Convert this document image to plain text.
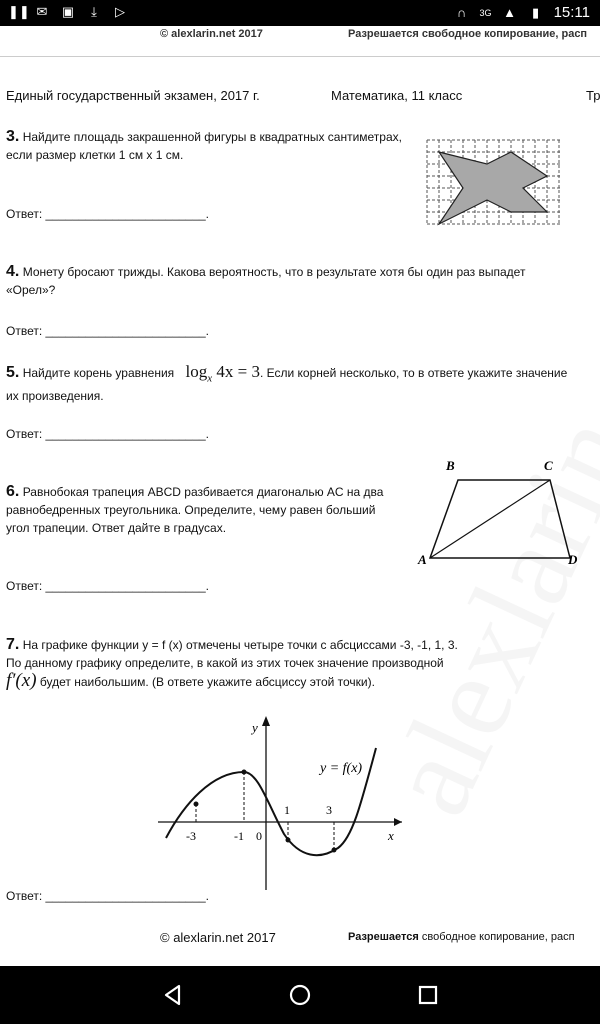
❚❚ ✉ ▣	⤓	▷	∩	3G ▲	▮ 15:11
© alexlarin.net 2017	Разрешается свободное копирование, расп
Единый государственный экзамен, 2017 г.	Математика, 11 класс	Тр
3. Найдите площадь закрашенной фигуры в квадратных сантиметрах, если размер клетки 1 см х 1 см.
Ответ: ________________________.
4. Монету бросают трижды. Какова вероятность, что в результате хотя бы один раз выпадет «Орел»?
Ответ: ________________________.
5. Найдите корень уравнения $\log_x 4x = 3$. Если корней несколько, то в ответе укажите значение их произведения.
Ответ: ________________________.
6. Равнобокая трапеция ABCD разбивается диагональю AC на два равнобедренных треугольника. Определите, чему равен больший угол трапеции. Ответ дайте в градусах.
A
B	C
D
Ответ: ________________________.
7. На графике функции y = f (x) отмечены четыре точки с абсциссами -3, -1, 1, 3.
По данному графику определите, в какой из этих точек значение производной
f′(x) будет наибольшим. (В ответе укажите абсциссу этой точки).
y
x
y = f(x)
-3	-1 0
1	3
Ответ: ________________________.
© alexlarin.net 2017	Разрешается свободное копирование, расп
